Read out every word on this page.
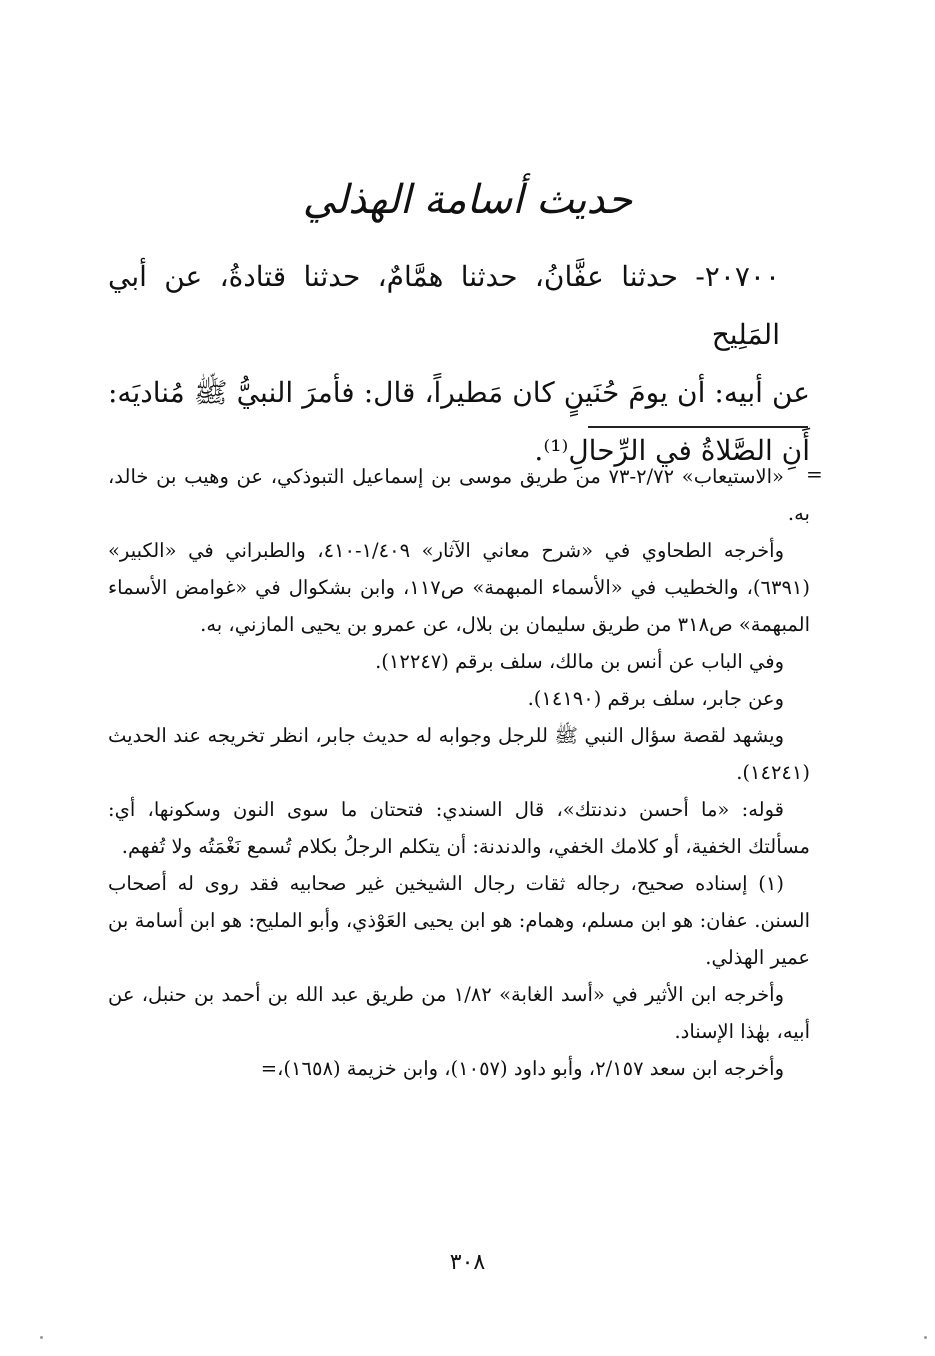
حديث أسامة الهذلي

٢٠٧٠٠- حدثنا عفَّانُ، حدثنا همَّامٌ، حدثنا قتادةُ، عن أبي المَلِيح

عن أبيه: أن يومَ حُنَينٍ كان مَطيراً، قال: فأمرَ النبيُّ ﷺ مُناديَه: أَنِ الصَّلاةُ في الرِّحالِ⁽¹⁾.

=

«الاستيعاب» ٢/٧٢-٧٣ من طريق موسى بن إسماعيل التبوذكي، عن وهيب بن خالد، به.

وأخرجه الطحاوي في «شرح معاني الآثار» ١/٤٠٩-٤١٠، والطبراني في «الكبير» (٦٣٩١)، والخطيب في «الأسماء المبهمة» ص١١٧، وابن بشكوال في «غوامض الأسماء المبهمة» ص٣١٨ من طريق سليمان بن بلال، عن عمرو بن يحيى المازني، به.

وفي الباب عن أنس بن مالك، سلف برقم (١٢٢٤٧).

وعن جابر، سلف برقم (١٤١٩٠).

ويشهد لقصة سؤال النبي ﷺ للرجل وجوابه له حديث جابر، انظر تخريجه عند الحديث (١٤٢٤١).

قوله: «ما أحسن دندنتك»، قال السندي: فتحتان ما سوى النون وسكونها، أي: مسألتك الخفية، أو كلامك الخفي، والدندنة: أن يتكلم الرجلُ بكلام تُسمع نَغْمَتُه ولا تُفهم.

(١) إسناده صحيح، رجاله ثقات رجال الشيخين غير صحابيه فقد روى له أصحاب السنن. عفان: هو ابن مسلم، وهمام: هو ابن يحيى العَوْذي، وأبو المليح: هو ابن أسامة بن عمير الهذلي.

وأخرجه ابن الأثير في «أسد الغابة» ١/٨٢ من طريق عبد الله بن أحمد بن حنبل، عن أبيه، بهٰذا الإسناد.

وأخرجه ابن سعد ٢/١٥٧، وأبو داود (١٠٥٧)، وابن خزيمة (١٦٥٨)،=

٣٠٨
